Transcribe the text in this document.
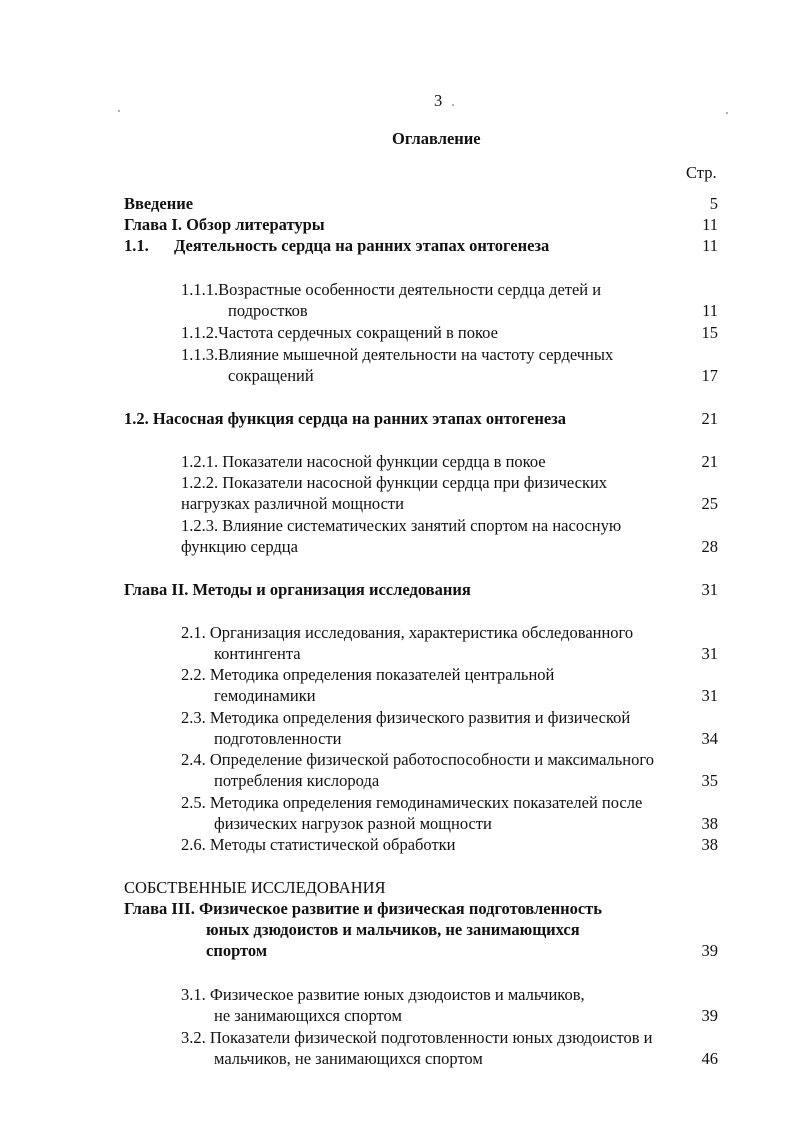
3
Оглавление
Стр.
Введение	5
Глава I. Обзор литературы	11
1.1. Деятельность сердца на ранних этапах онтогенеза	11
1.1.1.Возрастные особенности деятельности сердца детей и
подростков	11
1.1.2.Частота сердечных сокращений в покое	15
1.1.3.Влияние мышечной деятельности на частоту сердечных
сокращений	17
1.2. Насосная функция сердца на ранних этапах онтогенеза	21
1.2.1. Показатели насосной функции сердца в покое	21
1.2.2. Показатели насосной функции сердца при физических
нагрузках различной мощности	25
1.2.3. Влияние систематических занятий спортом на насосную
функцию сердца	28
Глава II. Методы и организация исследования	31
2.1. Организация исследования, характеристика обследованного
контингента	31
2.2. Методика определения показателей центральной
гемодинамики	31
2.3. Методика определения физического развития и физической
подготовленности	34
2.4. Определение физической работоспособности и максимального
потребления кислорода	35
2.5. Методика определения гемодинамических показателей после
физических нагрузок разной мощности	38
2.6. Методы статистической обработки	38
СОБСТВЕННЫЕ ИССЛЕДОВАНИЯ
Глава III. Физическое развитие и физическая подготовленность
юных дзюдоистов и мальчиков, не занимающихся
спортом	39
3.1. Физическое развитие юных дзюдоистов и мальчиков,
не занимающихся спортом	39
3.2. Показатели физической подготовленности юных дзюдоистов и
мальчиков, не занимающихся спортом	46
